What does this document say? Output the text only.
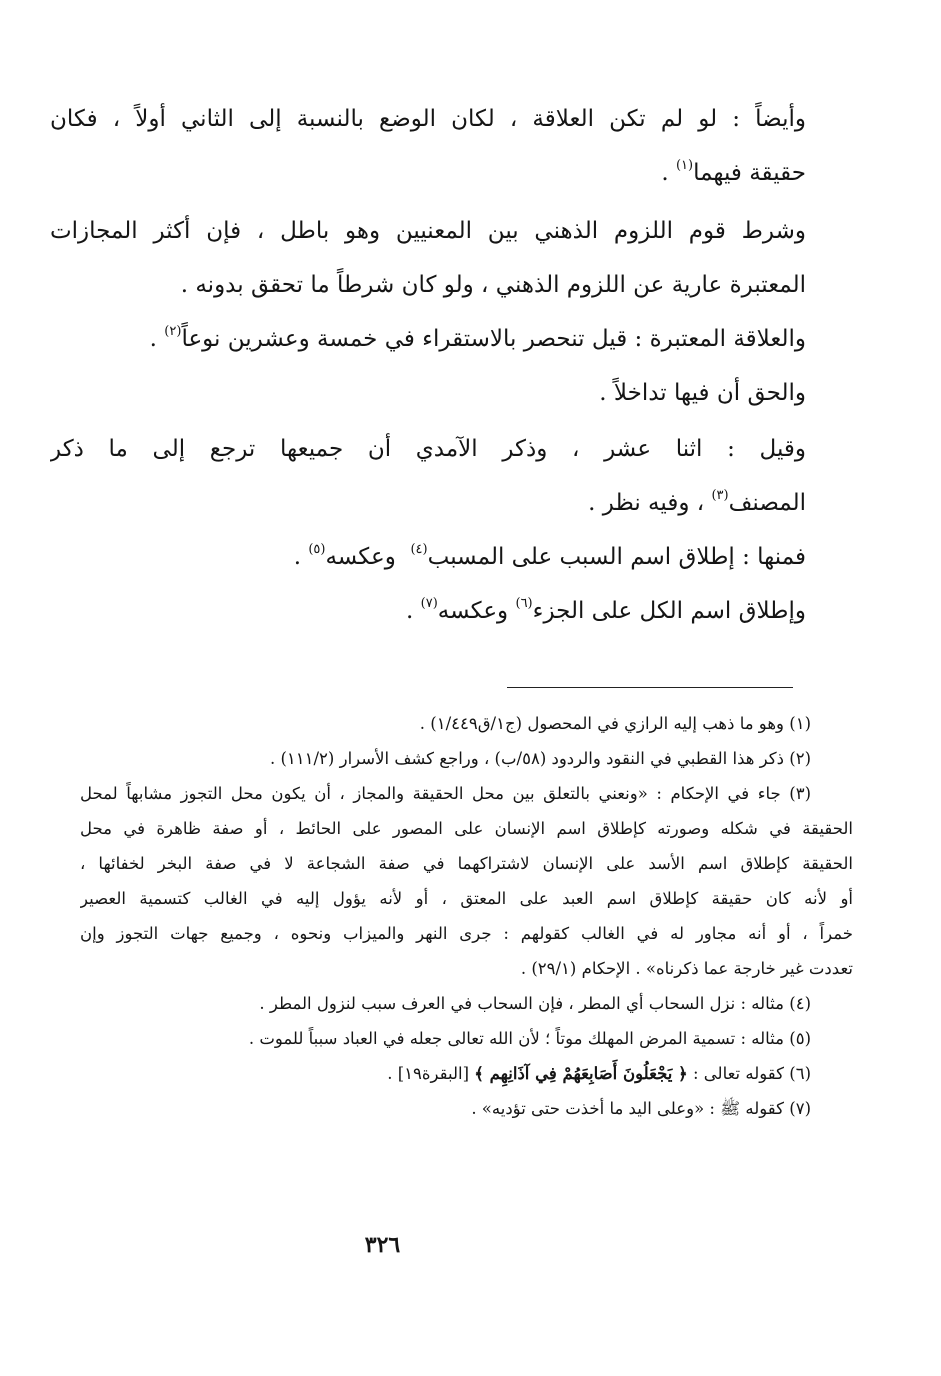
وأيضاً : لو لم تكن العلاقة ، لكان الوضع بالنسبة إلى الثاني أولاً ، فكان
حقيقة فيهما$^{(١)}$ .

وشرط قوم اللزوم الذهني بين المعنيين وهو باطل ، فإن أكثر المجازات
المعتبرة عارية عن اللزوم الذهني ، ولو كان شرطاً ما تحقق بدونه .

والعلاقة المعتبرة : قيل تنحصر بالاستقراء في خمسة وعشرين نوعاً$^{(٢)}$ .

والحق أن فيها تداخلاً .

وقيل : اثنا عشر ، وذكر الآمدي أن جميعها ترجع إلى ما ذكر
المصنف$^{(٣)}$ ، وفيه نظر .

فمنها : إطلاق اسم السبب على المسبب$^{(٤)}$  وعكسه$^{(٥)}$ .

وإطلاق اسم الكل على الجزء$^{(٦)}$ وعكسه$^{(٧)}$ .

(١) وهو ما ذهب إليه الرازي في المحصول (ج١/ق١/٤٤٩) .
(٢) ذكر هذا القطبي في النقود والردود (٥٨/ب) ، وراجع كشف الأسرار (١١١/٢) .
(٣) جاء في الإحكام : «ونعني بالتعلق بين محل الحقيقة والمجاز ، أن يكون محل التجوز مشابهاً لمحل
الحقيقة في شكله وصورته كإطلاق اسم الإنسان على المصور على الحائط ، أو صفة ظاهرة في محل
الحقيقة كإطلاق اسم الأسد على الإنسان لاشتراكهما في صفة الشجاعة لا في صفة البخر لخفائها ،
أو لأنه كان حقيقة كإطلاق اسم العبد على المعتق ، أو لأنه يؤول إليه في الغالب كتسمية العصير
خمراً ، أو أنه مجاور له في الغالب كقولهم : جرى النهر والميزاب ونحوه ، وجميع جهات التجوز وإن
تعددت غير خارجة عما ذكرناه» . الإحكام (٢٩/١) .
(٤) مثاله : نزل السحاب أي المطر ، فإن السحاب في العرف سبب لنزول المطر .
(٥) مثاله : تسمية المرض المهلك موتاً ؛ لأن الله تعالى جعله في العباد سبباً للموت .
(٦) كقوله تعالى : ﴿ يَجْعَلُونَ أَصَابِعَهُمْ فِي آذَانِهِم ﴾ [البقرة١٩] .
(٧) كقوله ﷺ : «وعلى اليد ما أخذت حتى تؤديه» .
٣٢٦
